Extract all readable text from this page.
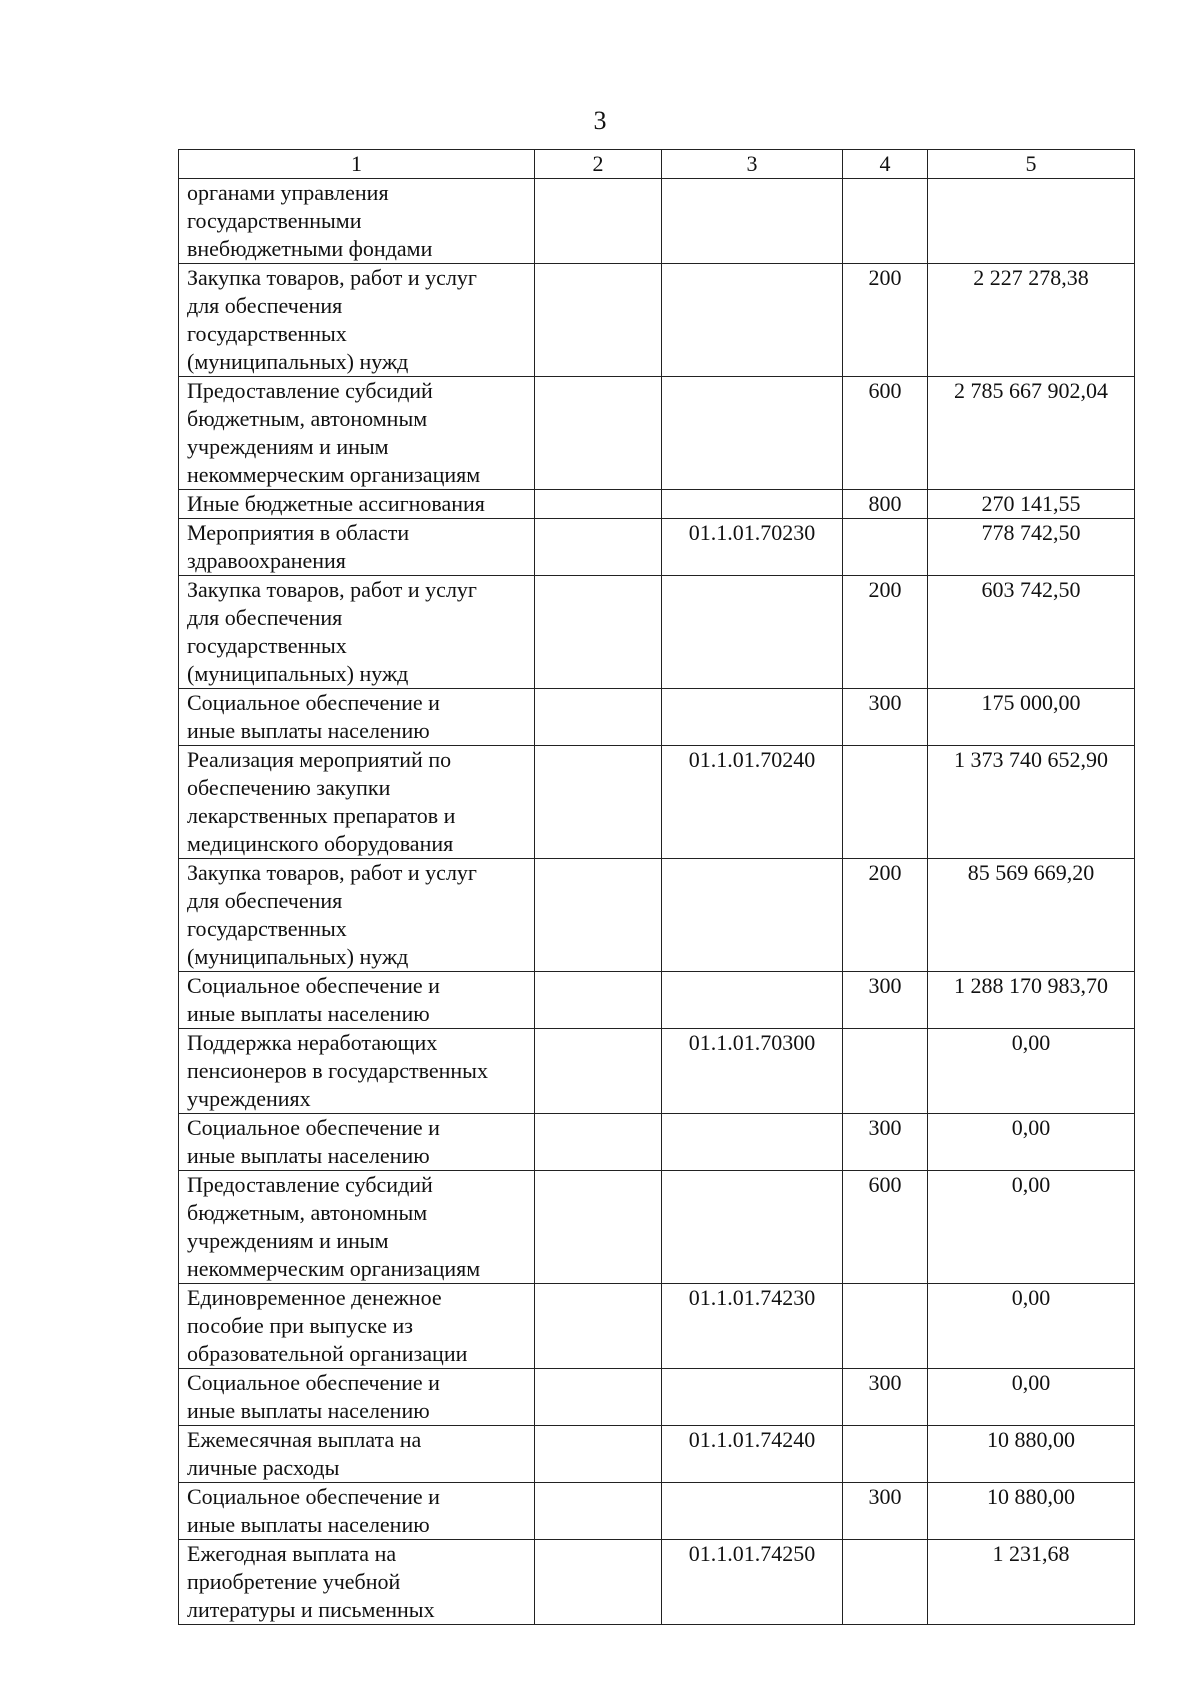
3
1	2	3	4	5

органами управления
государственными
внебюджетными фондами				

Закупка товаров, работ и услуг
для обеспечения
государственных
(муниципальных) нужд			200	2 227 278,38

Предоставление субсидий
бюджетным, автономным
учреждениям и иным
некоммерческим организациям			600	2 785 667 902,04

Иные бюджетные ассигнования			800	270 141,55

Мероприятия в области
здравоохранения		01.1.01.70230		778 742,50

Закупка товаров, работ и услуг
для обеспечения
государственных
(муниципальных) нужд			200	603 742,50

Социальное обеспечение и
иные выплаты населению			300	175 000,00

Реализация мероприятий по
обеспечению закупки
лекарственных препаратов и
медицинского оборудования		01.1.01.70240		1 373 740 652,90

Закупка товаров, работ и услуг
для обеспечения
государственных
(муниципальных) нужд			200	85 569 669,20

Социальное обеспечение и
иные выплаты населению			300	1 288 170 983,70

Поддержка неработающих
пенсионеров в государственных
учреждениях		01.1.01.70300		0,00

Социальное обеспечение и
иные выплаты населению			300	0,00

Предоставление субсидий
бюджетным, автономным
учреждениям и иным
некоммерческим организациям			600	0,00

Единовременное денежное
пособие при выпуске из
образовательной организации		01.1.01.74230		0,00

Социальное обеспечение и
иные выплаты населению			300	0,00

Ежемесячная выплата на
личные расходы		01.1.01.74240		10 880,00

Социальное обеспечение и
иные выплаты населению			300	10 880,00

Ежегодная выплата на
приобретение учебной
литературы и письменных		01.1.01.74250		1 231,68
